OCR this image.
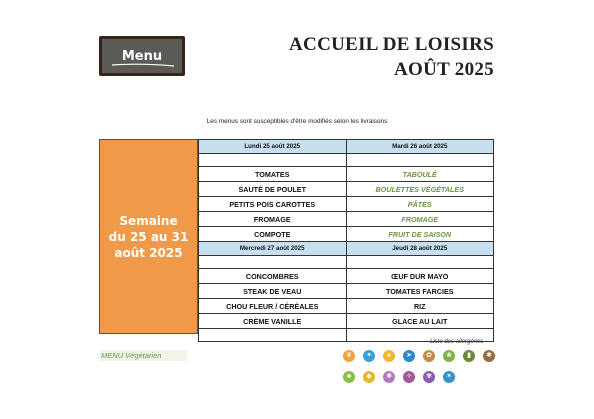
Menu
ACCUEIL DE LOISIRS
AOÛT 2025
Les menus sont susceptibles d'être modifiés selon les livraisons
Semaine
du 25 au 31
août 2025
Lundi 25 août 2025	Mardi 26 août 2025

TOMATES	TABOULÉ
SAUTÉ DE POULET	BOULETTES VÉGÉTALES
PETITS POIS CAROTTES	PÂTES
FROMAGE	FROMAGE
COMPOTE	FRUIT DE SAISON
Mercredi 27 août 2025	Jeudi 28 août 2025

CONCOMBRES	ŒUF DUR MAYO
STEAK DE VEAU	TOMATES FARCIES
CHOU FLEUR / CÉRÉALES	RIZ
CRÈME VANILLE	GLACE AU LAIT

MENU Végétarien
Liste des allergènes
❦	✦	●	➤	✿	❀	▮	✱
♣	◆	✺	✧	✾	✶
